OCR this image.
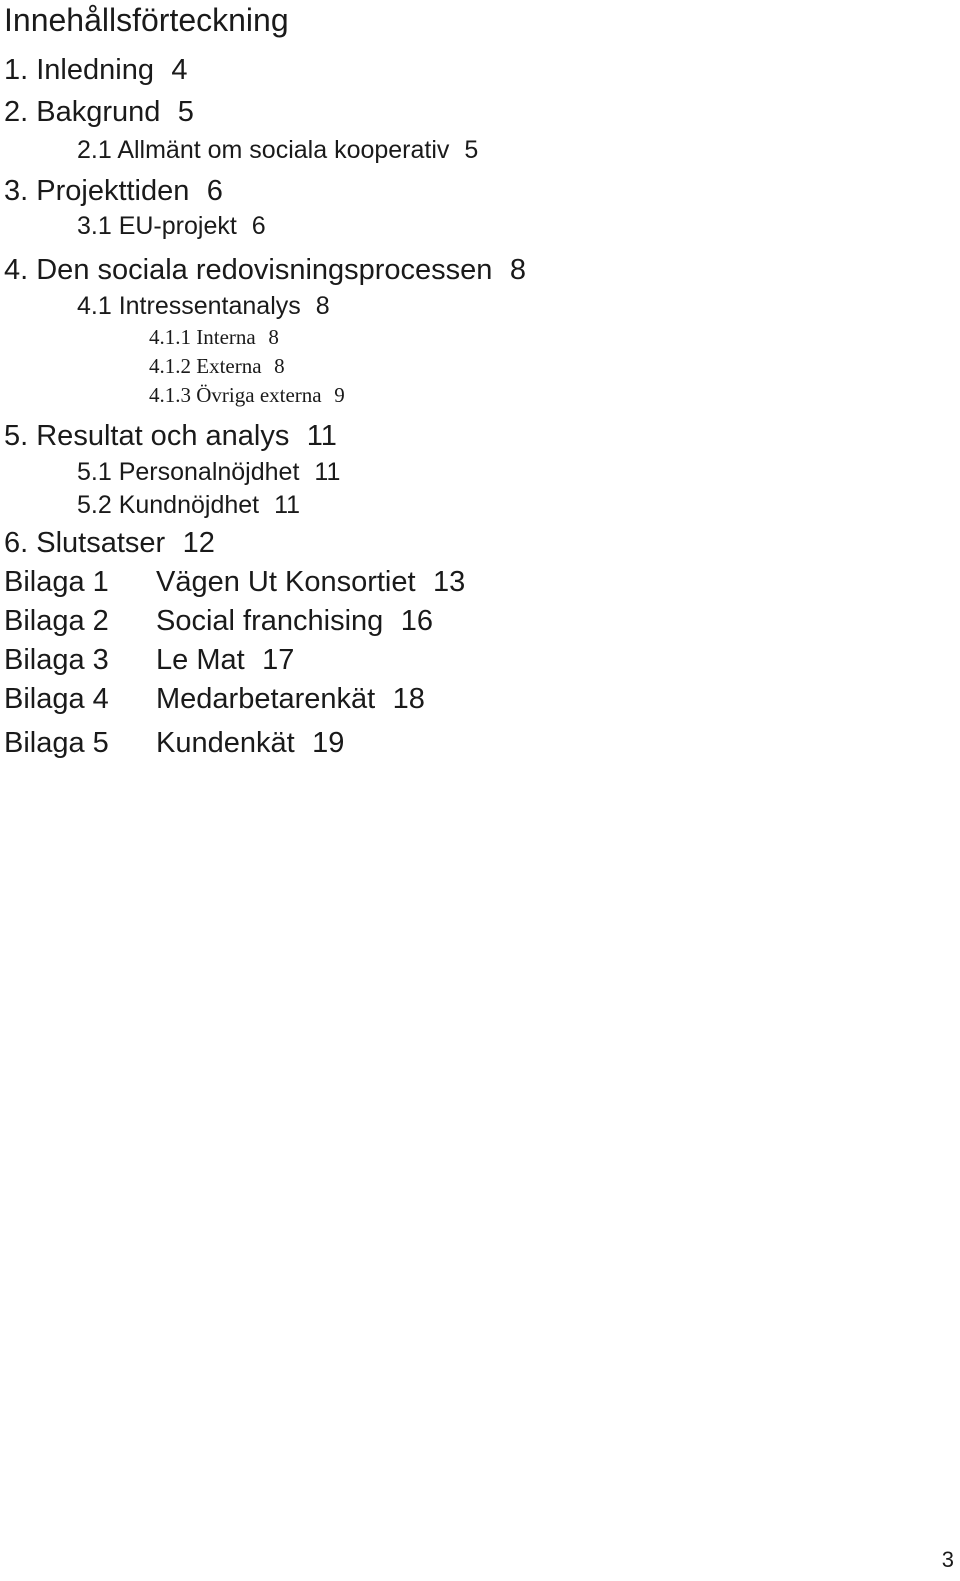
Innehållsförteckning
1. Inledning 4
2. Bakgrund 5
2.1 Allmänt om sociala kooperativ 5
3. Projekttiden 6
3.1 EU-projekt 6
4. Den sociala redovisningsprocessen 8
4.1 Intressentanalys 8
4.1.1 Interna 8
4.1.2 Externa 8
4.1.3 Övriga externa 9
5. Resultat och analys 11
5.1 Personalnöjdhet 11
5.2 Kundnöjdhet 11
6. Slutsatser 12
Bilaga 1 Vägen Ut Konsortiet 13
Bilaga 2 Social franchising 16
Bilaga 3 Le Mat 17
Bilaga 4 Medarbetarenkät 18
Bilaga 5 Kundenkät 19
3
